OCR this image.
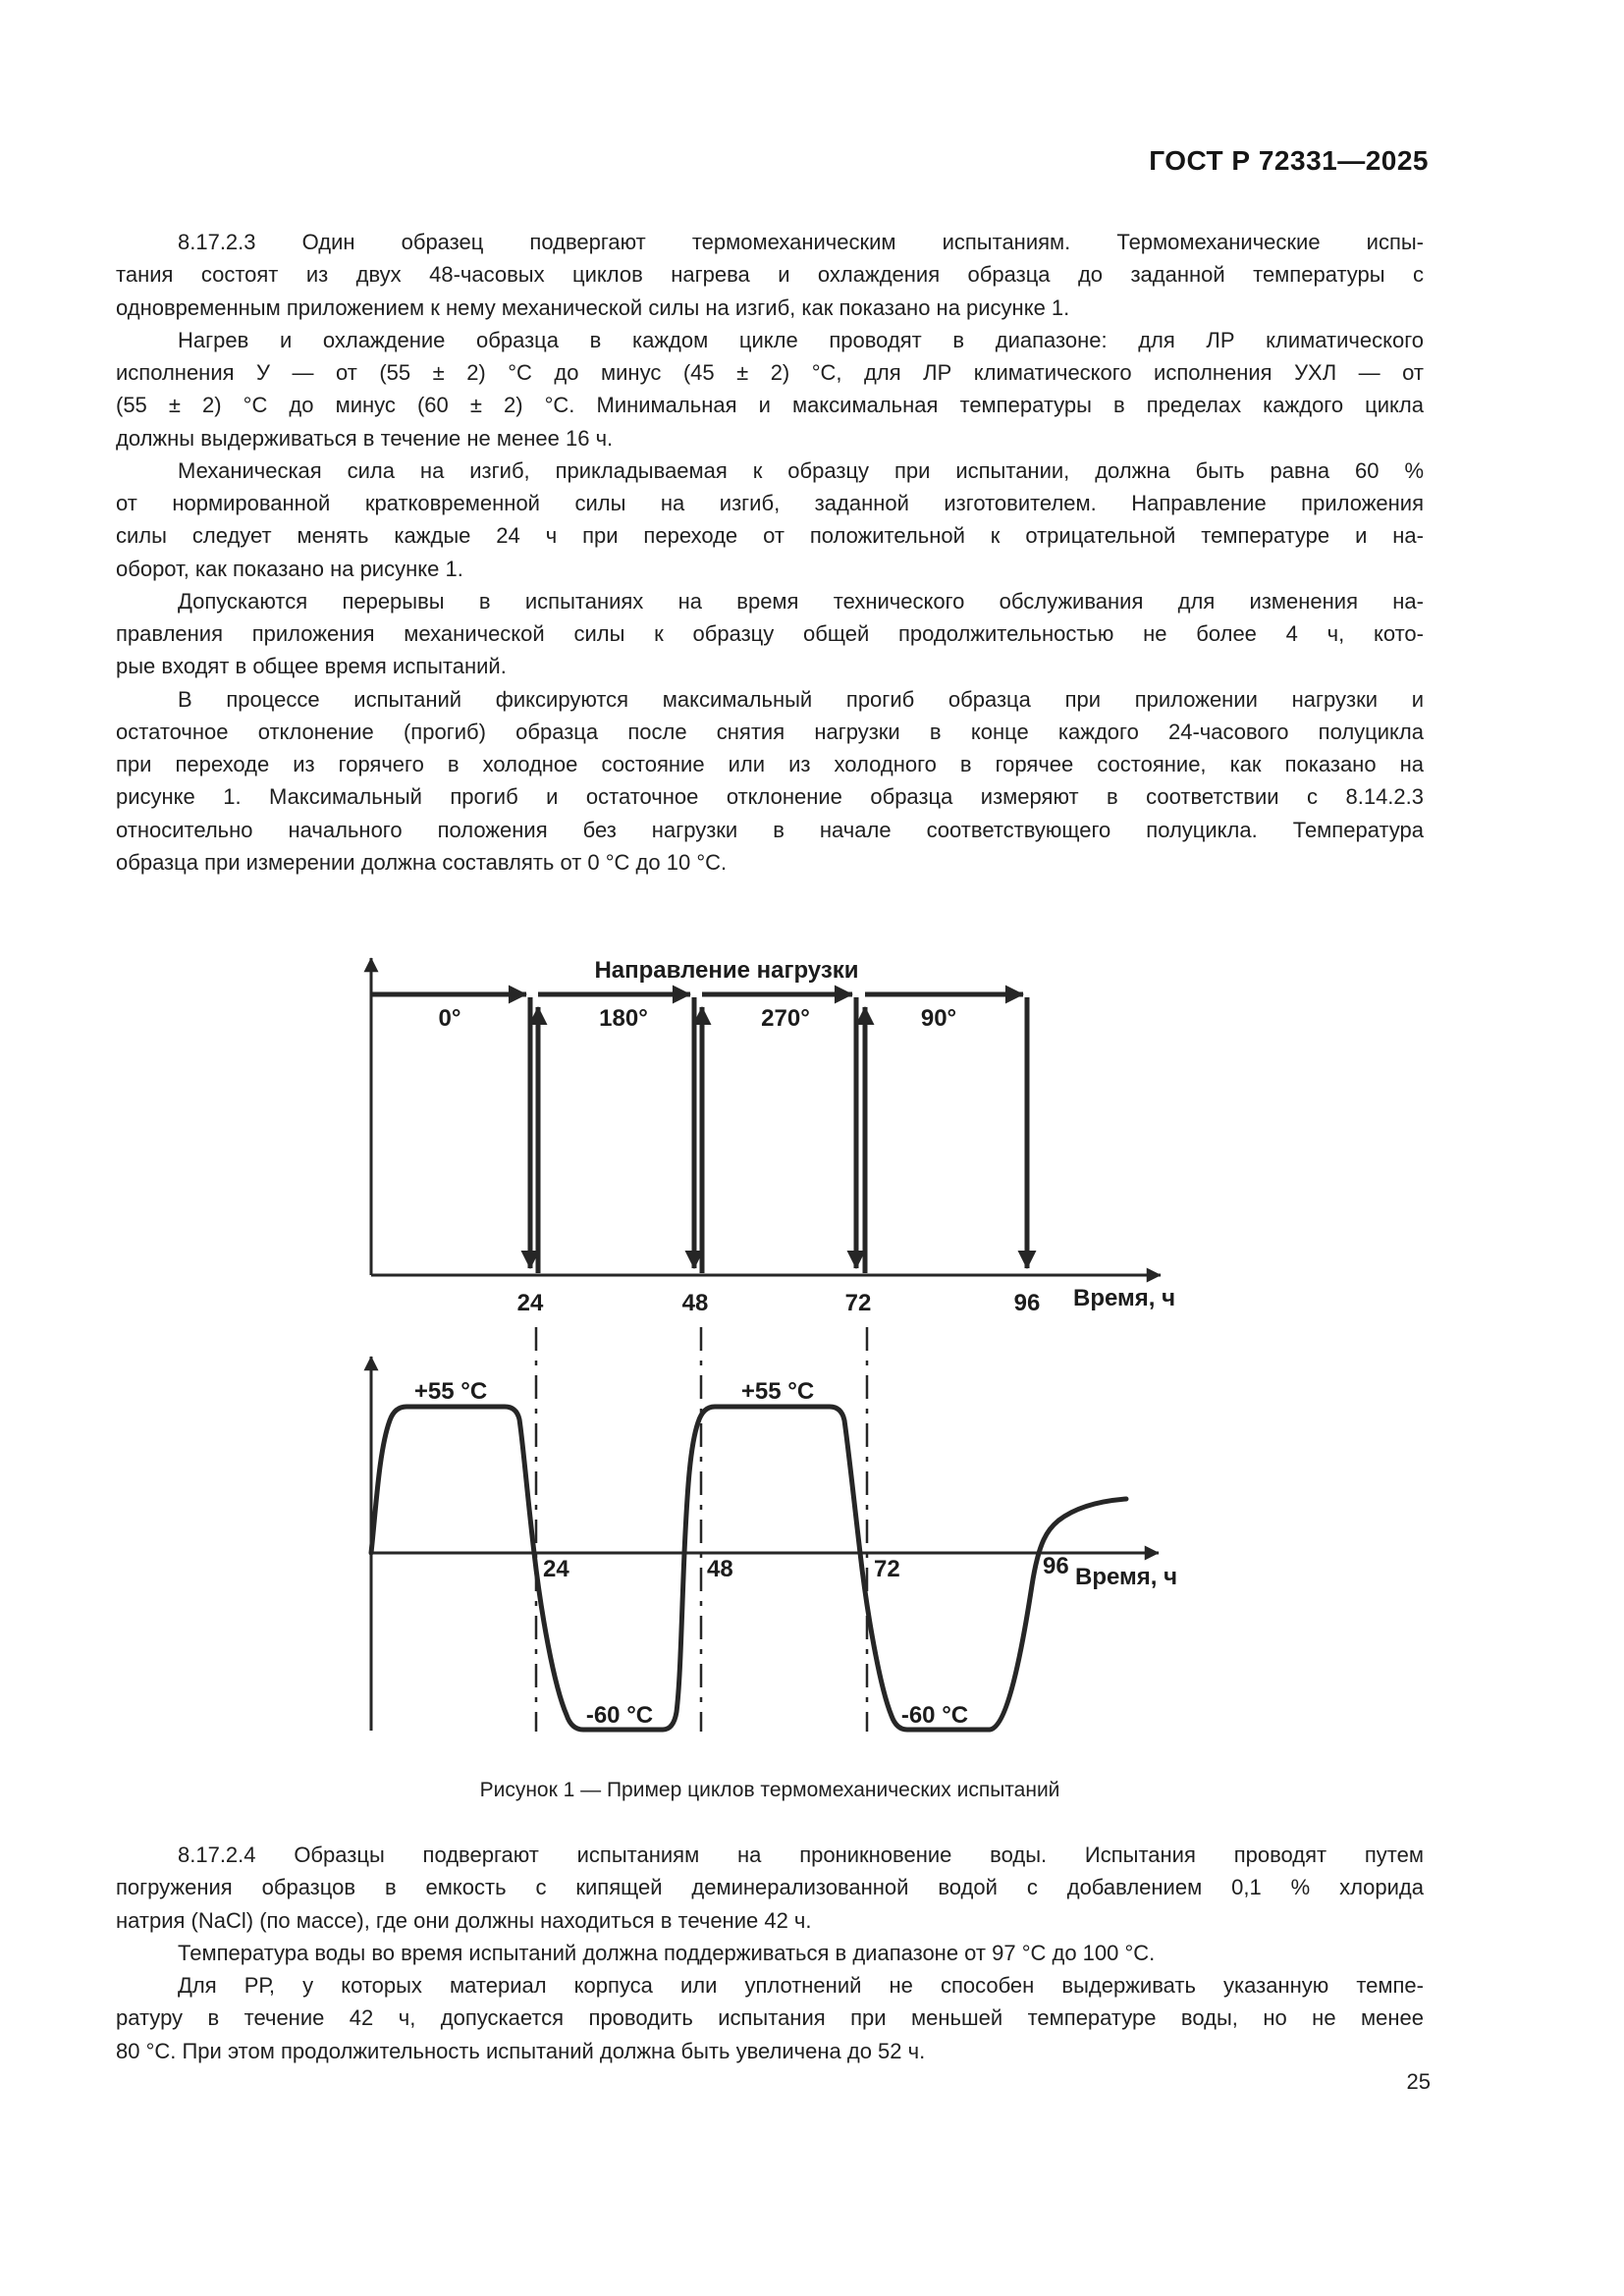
ГОСТ Р 72331—2025
8.17.2.3 Один образец подвергают термомеханическим испытаниям. Термомеханические испы-
тания состоят из двух 48-часовых циклов нагрева и охлаждения образца до заданной температуры с
одновременным приложением к нему механической силы на изгиб, как показано на рисунке 1.
Нагрев и охлаждение образца в каждом цикле проводят в диапазоне: для ЛР климатического
исполнения У — от (55 ± 2) °С до минус (45 ± 2) °С, для ЛР климатического исполнения УХЛ — от
(55 ± 2) °С до минус (60 ± 2) °С. Минимальная и максимальная температуры в пределах каждого цикла
должны выдерживаться в течение не менее 16 ч.
Механическая сила на изгиб, прикладываемая к образцу при испытании, должна быть равна 60 %
от нормированной кратковременной силы на изгиб, заданной изготовителем. Направление приложения
силы следует менять каждые 24 ч при переходе от положительной к отрицательной температуре и на-
оборот, как показано на рисунке 1.
Допускаются перерывы в испытаниях на время технического обслуживания для изменения на-
правления приложения механической силы к образцу общей продолжительностью не более 4 ч, кото-
рые входят в общее время испытаний.
В процессе испытаний фиксируются максимальный прогиб образца при приложении нагрузки и
остаточное отклонение (прогиб) образца после снятия нагрузки в конце каждого 24-часового полуцикла
при переходе из горячего в холодное состояние или из холодного в горячее состояние, как показано на
рисунке 1. Максимальный прогиб и остаточное отклонение образца измеряют в соответствии с 8.14.2.3
относительно начального положения без нагрузки в начале соответствующего полуцикла. Температура
образца при измерении должна составлять от 0 °С до 10 °С.
Направление нагрузки
0°	180°	270°	90°
24	48	72	96 Время, ч
+55 °C	+55 °C
-60 °C	-60 °C
24	48	72	96 Время, ч
Рисунок 1 — Пример циклов термомеханических испытаний
8.17.2.4 Образцы подвергают испытаниям на проникновение воды. Испытания проводят путем
погружения образцов в емкость с кипящей деминерализованной водой с добавлением 0,1 % хлорида
натрия (NaCl) (по массе), где они должны находиться в течение 42 ч.
Температура воды во время испытаний должна поддерживаться в диапазоне от 97 °С до 100 °С.
Для РР, у которых материал корпуса или уплотнений не способен выдерживать указанную темпе-
ратуру в течение 42 ч, допускается проводить испытания при меньшей температуре воды, но не менее
80 °С. При этом продолжительность испытаний должна быть увеличена до 52 ч.
25
